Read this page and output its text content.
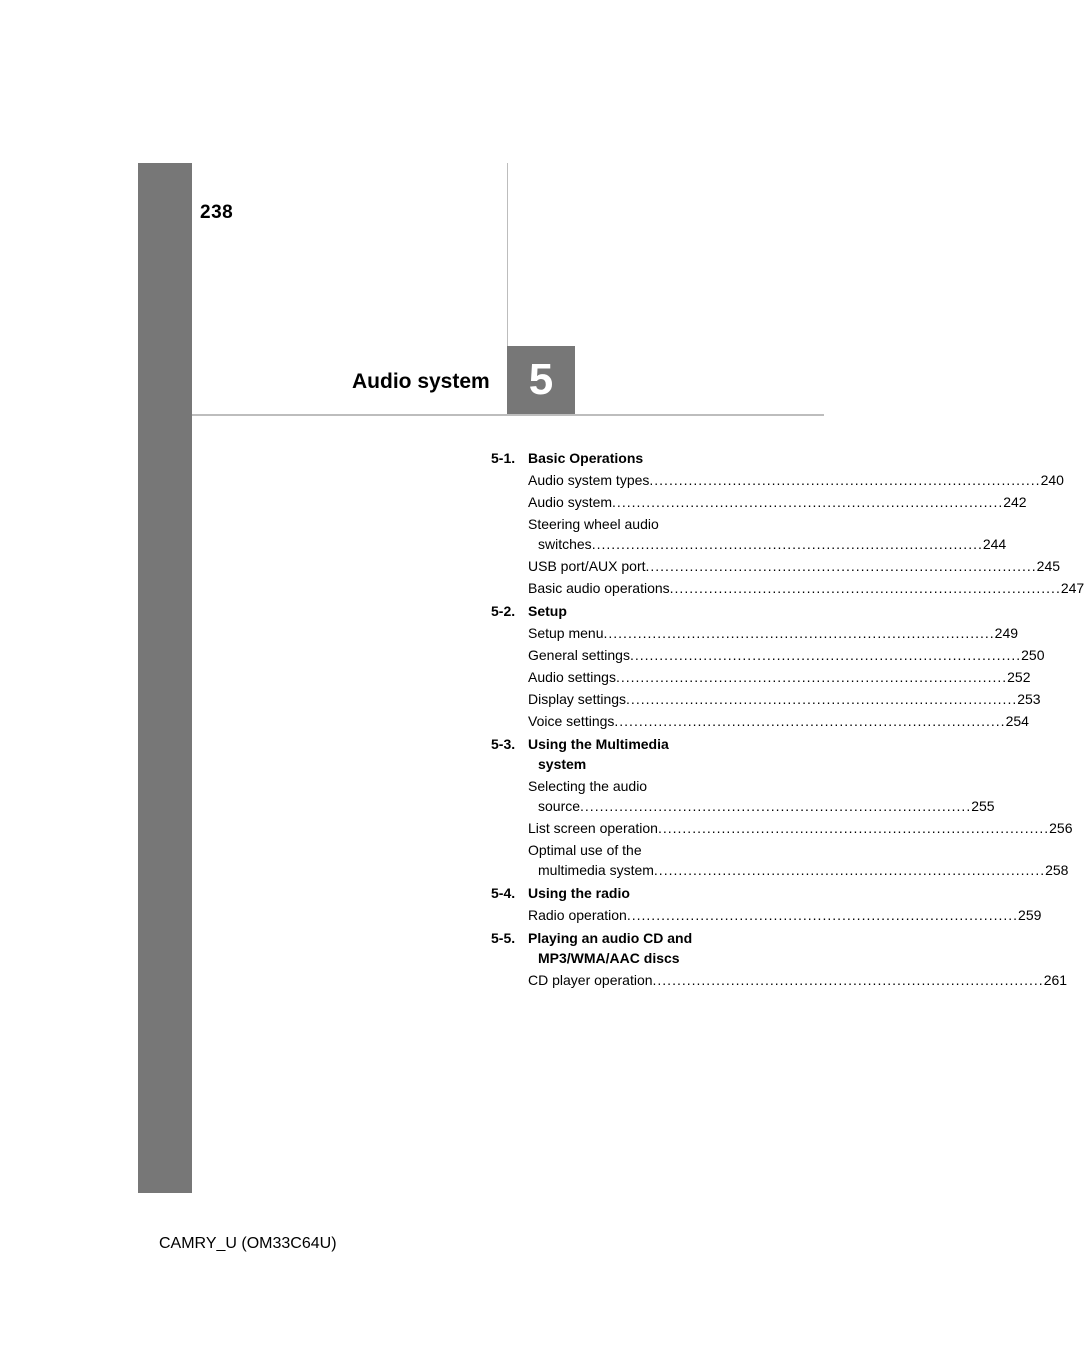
238
Audio system 5
5-1. Basic Operations
Audio system types ................................................................................ 240
Audio system ................................................................................ 242
Steering wheel audio
switches ................................................................................ 244
USB port/AUX port ................................................................................ 245
Basic audio operations ................................................................................ 247
5-2. Setup
Setup menu ................................................................................ 249
General settings ................................................................................ 250
Audio settings ................................................................................ 252
Display settings ................................................................................ 253
Voice settings ................................................................................ 254
5-3. Using the Multimedia
system
Selecting the audio
source ................................................................................ 255
List screen operation ................................................................................ 256
Optimal use of the
multimedia system ................................................................................ 258
5-4. Using the radio
Radio operation ................................................................................ 259
5-5. Playing an audio CD and
MP3/WMA/AAC discs
CD player operation ................................................................................ 261
CAMRY_U (OM33C64U)
